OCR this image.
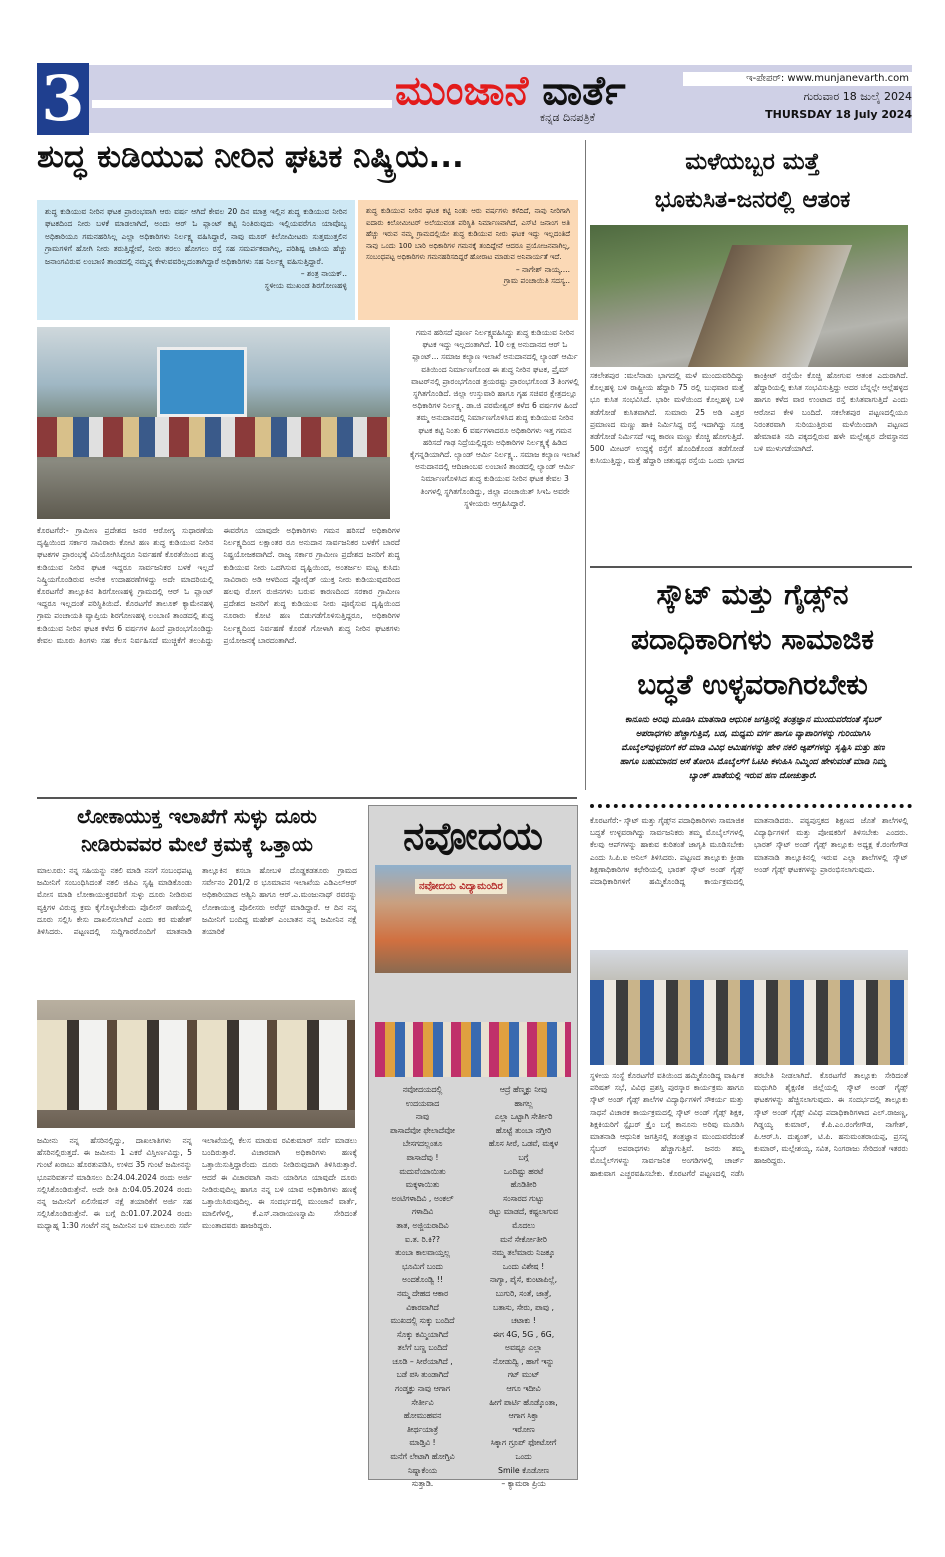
3	ಮುಂಜಾನೆ ವಾರ್ತೆ
ಕನ್ನಡ ದಿನಪತ್ರಿಕೆ
ಇ-ಪೇಪರ್: www.munjanevarth.com
ಗುರುವಾರ 18 ಜುಲೈ 2024
THURSDAY 18 July 2024
ಶುದ್ಧ ಕುಡಿಯುವ ನೀರಿನ ಘಟಕ ನಿಷ್ಕ್ರಿಯ...
ಶುದ್ಧ ಕುಡಿಯುವ ನೀರಿನ ಘಟಕ ಪ್ರಾರಂಭವಾಗಿ ಆರು ವರ್ಷ ಆಗಿದೆ ಕೇವಲ 20 ದಿನ ಮಾತ್ರ ಇಲ್ಲಿನ ಶುದ್ಧ ಕುಡಿಯುವ ನೀರಿನ ಘಟಕದಿಂದ ನೀರು ಬಳಕೆ ಮಾಡಲಾಗಿದೆ, ಅಂದು ಆರ್ ಓ ಪ್ಲಾಂಟ್ ಕಟ್ಟಿ ನಿಂತಿರುವುದು ಇಲ್ಲಿಯವರೆಗೂ ಯಾವೊಬ್ಬ ಅಧಿಕಾರಿಯೂ ಗಮನಹರಿಸಿಲ್ಲ ಎಲ್ಲಾ ಅಧಿಕಾರಿಗಳು ನಿರ್ಲಕ್ಷ್ಯ ವಹಿಸಿದ್ದಾರೆ, ನಾವು ಮೂರ್ ಕಿಲೋಮೀಟರು ಸುತ್ತಮುತ್ತಲಿನ ಗ್ರಾಮಗಳಿಗೆ ಹೋಗಿ ನೀರು ತರುತ್ತಿದ್ದೇವೆ, ನೀರು ತರಲು ಹೋಗಲು ರಸ್ತೆ ಸಹ ಸಮರ್ಪಕವಾಗಿಲ್ಲ, ಪರಿಶಿಷ್ಟ ಜಾತಿಯ ಹೆಚ್ಚು ಜನಾಂಗವಿರುವ ಲಂಬಾಣಿ ತಾಂಡದಲ್ಲಿ ನಮ್ಮನ್ನ ಕೇಳುವವರಿಲ್ಲದಂತಾಗಿದ್ದಾರೆ ಅಧಿಕಾರಿಗಳು ಸಹ ನಿರ್ಲಕ್ಷ್ಯ ವಹಿಸುತ್ತಿದ್ದಾರೆ.
– ಶಂತ್ರ ನಾಯಕ್..
ಸ್ಥಳೀಯ ಮುಖಂಡ ಶಿರಗೋಣಹಳ್ಳಿ
ಶುದ್ಧ ಕುಡಿಯುವ ನೀರಿನ ಘಟಕ ಕಟ್ಟಿ ನಿಂತು ಆರು ವರ್ಷಗಳು ಕಳೆದಿದೆ, ನಾವು ನೀರಿಗಾಗಿ ಐದಾರು ಕಿಲೋಮೀಟರ್ ಅಲೆಯುವಂತ ಪರಿಸ್ಥಿತಿ ನಿರ್ಮಾಣವಾಗಿದೆ, ಎಸ್‌ಟಿ ಜನಾಂಗ ಅತಿ ಹೆಚ್ಚು ಇರುವ ನಮ್ಮ ಗ್ರಾಮದಲ್ಲಿಯೇ ಶುದ್ಧ ಕುಡಿಯುವ ನೀರು ಘಟಕ ಇದ್ದು ಇಲ್ಲದಂತಿದೆ ನಾವು ಒಂದು 100 ಬಾರಿ ಅಧಿಕಾರಿಗಳ ಗಮನಕ್ಕೆ ತಂದಿದ್ದೇವೆ ಆದರೂ ಪ್ರಯೋಜನವಾಗಿಲ್ಲ, ಸಂಬಂಧಪಟ್ಟ ಅಧಿಕಾರಿಗಳು ಗಮನಹರಿಸದಿದ್ದರೆ ಹೋರಾಟ ಮಾಡುವ ಅನಿವಾರ್ಯತೆ ಇದೆ.
– ನಾಗೇಶ್ ನಾಯ್ಕ....
ಗ್ರಾಮ ಪಂಚಾಯಿತಿ ಸದಸ್ಯ..
ಕೊರಟಗೆರೆ:- ಗ್ರಾಮೀಣ ಪ್ರದೇಶದ ಜನರ ಆರೋಗ್ಯ ಸುಧಾರಣೆಯ ದೃಷ್ಟಿಯಿಂದ ಸರ್ಕಾರ ಸಾವಿರಾರು ಕೋಟಿ ಹಣ ಶುದ್ಧ ಕುಡಿಯುವ ನೀರಿನ ಘಟಕಗಳ ಪ್ರಾರಂಭಕ್ಕೆ ವಿನಿಯೋಗಿಸಿದ್ದರೂ ನಿರ್ವಹಣೆ ಕೊರತೆಯಿಂದ ಶುದ್ಧ ಕುಡಿಯುವ ನೀರಿನ ಘಟಕ ಇದ್ದರೂ ಸಾರ್ವಜನಿಕರ ಬಳಕೆ ಇಲ್ಲದೆ ನಿಷ್ಕ್ರಿಯಗೊಂಡಿರುವ ಅನೇಕ ಉದಾಹರಣೆಗಳಿದ್ದು ಅದೇ ಮಾದರಿಯಲ್ಲಿ ಕೊರಟಗೆರೆ ತಾಲ್ಲೂಕಿನ ಶಿರಗೋಣಹಳ್ಳಿ ಗ್ರಾಮದಲ್ಲಿ ಆರ್ ಓ ಪ್ಲಾಂಟ್ ಇದ್ದರೂ ಇಲ್ಲದಂತೆ ಪರಿಸ್ಥಿತಿಯಿದೆ. ಕೊರಟಗೆರೆ ತಾಲೂಕ್ ಕ್ಯಾಮೇನಹಳ್ಳಿ ಗ್ರಾಮ ಪಂಚಾಯತಿ ವ್ಯಾಪ್ತಿಯ ಶಿರಗೋಣಹಳ್ಳಿ ಲಂಬಾಣಿ ತಾಂಡದಲ್ಲಿ ಶುದ್ಧ ಕುಡಿಯುವ ನೀರಿನ ಘಟಕ ಕಳೆದ 6 ವರ್ಷಗಳ ಹಿಂದೆ ಪ್ರಾರಂಭಗೊಂಡಿದ್ದು ಕೇವಲ ಮೂರು ತಿಂಗಳು ಸಹ ಕೆಲಸ ನಿರ್ವಹಿಸದೆ ಮುಚ್ಚಿಕೆಗೆ ತಲುಪಿದ್ದು ಈವರೆಗೂ ಯಾವುದೇ ಅಧಿಕಾರಿಗಳು ಗಮನ ಹರಿಸದೆ ಅಧಿಕಾರಿಗಳ ನಿರ್ಲಕ್ಷ್ಯದಿಂದ ಲಕ್ಷಾಂತರ ರೂ ಅನುದಾನ ಸಾರ್ವಜನಿಕರ ಬಳಕೆಗೆ ಬಾರದೆ ನಿಷ್ಪ್ರಯೋಜಕವಾಗಿದೆ. ರಾಜ್ಯ ಸರ್ಕಾರ ಗ್ರಾಮೀಣ ಪ್ರದೇಶದ ಜನರಿಗೆ ಶುದ್ಧ ಕುಡಿಯುವ ನೀರು ಒದಗಿಸುವ ದೃಷ್ಟಿಯಿಂದ, ಅಂತರ್ಜಲ ಮಟ್ಟ ಕುಸಿದು ಸಾವಿರಾರು ಅಡಿ ಆಳದಿಂದ ಪ್ಲೋರೈಡ್ ಯುಕ್ತ ನೀರು ಕುಡಿಯುವುದರಿಂದ ಹಲವು ರೋಗ ರುಜಿನಗಳು ಬರುವ ಕಾರಣದಿಂದ ಸರಕಾರ ಗ್ರಾಮೀಣ ಪ್ರದೇಶದ ಜನರಿಗೆ ಶುದ್ಧ ಕುಡಿಯುವ ನೀರು ಪೂರೈಸುವ ದೃಷ್ಟಿಯಿಂದ ನೂರಾರು ಕೋಟಿ ಹಣ ಬಿಡುಗಡೆಗೊಳಿಸುತ್ತಿದ್ದರೂ, ಅಧಿಕಾರಿಗಳ ನಿರ್ಲಕ್ಷ್ಯದಿಂದ ನಿರ್ವಹಣೆ ಕೊರತೆ ಗೋಳಾಗಿ ಶುದ್ಧ ನೀರಿನ ಘಟಕಗಳು ಪ್ರಯೋಜನಕ್ಕೆ ಬಾರದಂತಾಗಿದೆ.
ಗಮನ ಹರಿಸದೆ ಪೂರ್ಣ ನಿರ್ಲಕ್ಷ್ಯವಹಿಸಿದ್ದು ಶುದ್ಧ ಕುಡಿಯುವ ನೀರಿನ ಘಟಕ ಇದ್ದು ಇಲ್ಲದಂತಾಗಿದೆ. 10 ಲಕ್ಷ ಅನುದಾನದ ಆರ್ ಓ ಪ್ಲಾಂಟ್... ಸಮಾಜ ಕಲ್ಯಾಣ ಇಲಾಖೆ ಅನುದಾನದಲ್ಲಿ ಲ್ಯಾಂಡ್ ಆರ್ಮಿ ವತಿಯಿಂದ ನಿರ್ಮಾಣಗೊಂಡ ಈ ಶುದ್ಧ ನೀರಿನ ಘಟಕ, ಪ್ರೈಮ್ ವಾಟರ್‌ನಲ್ಲಿ ಪ್ರಾರಂಭಗೊಂಡ ತ್ರಯರಷ್ಟು ಪ್ರಾರಂಭಗೊಂಡ 3 ತಿಂಗಳಲ್ಲಿ ಸ್ಥಗಿತಗೊಂಡಿದೆ. ಜಿಲ್ಲಾ ಉಸ್ತುವಾರಿ ಹಾಗೂ ಗೃಹ ಸಚಿವರ ಕ್ಷೇತ್ರದಲ್ಲೂ ಅಧಿಕಾರಿಗಳ ನಿರ್ಲಕ್ಷ್ಯ. ಡಾ.ಜಿ ಪರಮೇಶ್ವರ್ ಕಳೆದ 6 ವರ್ಷಗಳ ಹಿಂದೆ ತಮ್ಮ ಅನುದಾನದಲ್ಲಿ ನಿರ್ಮಾಣಗೊಳಿಸಿದ ಶುದ್ಧ ಕುಡಿಯುವ ನೀರಿನ ಘಟಕ ಕಟ್ಟಿ ನಿಂತು 6 ವರ್ಷಗಳಾದರೂ ಅಧಿಕಾರಿಗಳು ಇತ್ತ ಗಮನ ಹರಿಸದೆ ಗಾಢ ನಿದ್ರೆಯಲ್ಲಿದ್ದರು ಅಧಿಕಾರಿಗಳ ನಿರ್ಲಕ್ಷ್ಯಕ್ಕೆ ಹಿಡಿದ ಕೈಗನ್ನಡಿಯಾಗಿದೆ. ಲ್ಯಾಂಡ್ ಆರ್ಮಿ ನಿರ್ಲಕ್ಷ್ಯ.. ಸಮಾಜ ಕಲ್ಯಾಣ ಇಲಾಖೆ ಅನುದಾನದಲ್ಲಿ ಆದಿಜಾಂಬವ ಲಂಬಾಣಿ ತಾಂಡದಲ್ಲಿ ಲ್ಯಾಂಡ್ ಆರ್ಮಿ ನಿರ್ಮಾಣಗೊಳಿಸಿದ ಶುದ್ಧ ಕುಡಿಯುವ ನೀರಿನ ಘಟಕ ಕೇವಲ 3 ತಿಂಗಳಲ್ಲಿ ಸ್ಥಗಿತಗೊಂಡಿದ್ದು, ಜಿಲ್ಲಾ ಪಂಚಾಯಿತ್ ಸಿಇಓ ಅವರೇ ಸ್ಥಳೀಯರು ಆಗ್ರಹಿಸಿದ್ದಾರೆ.
ಮಳೆಯಬ್ಬರ ಮತ್ತೆ
ಭೂಕುಸಿತ-ಜನರಲ್ಲಿ ಆತಂಕ
ಸಕಲೇಶಪುರ :ಮಲೆನಾಡು ಭಾಗದಲ್ಲಿ ಮಳೆ ಮುಂದುವರಿದಿದ್ದು ಕೊಲ್ಲಹಳ್ಳಿ ಬಳಿ ರಾಷ್ಟ್ರೀಯ ಹೆದ್ದಾರಿ 75 ರಲ್ಲಿ ಬುಧವಾರ ಮತ್ತೆ ಭೂ ಕುಸಿತ ಸಂಭವಿಸಿದೆ. ಭಾರೀ ಮಳೆಯಿಂದ ಕೊಲ್ಲಹಳ್ಳಿ ಬಳಿ ತಡೆಗೋಡೆ ಕುಸಿತವಾಗಿದೆ. ಸುಮಾರು 25 ಅಡಿ ಎತ್ತರ ಪ್ರಮಾಣದ ಮಣ್ಣು ಹಾಕಿ ನಿರ್ಮಿಸಿದ್ದ ರಸ್ತೆ ಇದಾಗಿದ್ದು ಸೂಕ್ತ ತಡೆಗೋಡೆ ನಿರ್ಮಿಸದೆ ಇದ್ದ ಕಾರಣ ಮಣ್ಣು ಕೊಚ್ಚಿ ಹೋಗುತ್ತಿದೆ. 500 ಮೀಟರ್ ಉದ್ದಕ್ಕೆ ರಸ್ತೆಗೆ ಹೊಂದಿಕೊಂಡ ತಡೆಗೋಡೆ ಕುಸಿಯುತ್ತಿದ್ದು, ಮತ್ತೆ ಹೆದ್ದಾರಿ ಚತುಷ್ಪಥ ರಸ್ತೆಯ ಒಂದು ಭಾಗದ ಕಾಂಕ್ರೀಟ್ ರಸ್ತೆಯೇ ಕೊಚ್ಚಿ ಹೋಗುವ ಆತಂಕ ಎದುರಾಗಿದೆ. ಹೆದ್ದಾರಿಯಲ್ಲಿ ಕುಸಿತ ಸಂಭವಿಸುತ್ತಿದ್ದು ಅದರ ಬೆನ್ನಲ್ಲೇ ಆಲ್ಲೆಹಳ್ಳದ ಹಾಗೂ ಕಳೆದ ವಾರ ಉಂಟಾದ ರಸ್ತೆ ಕುಸಿತವಾಗುತ್ತಿದೆ ಎಂದು ಆರೋಪ ಕೇಳಿ ಬಂದಿದೆ. ಸಕಲೇಶಪುರ ಪಟ್ಟಣದಲ್ಲಿಯೂ ನಿರಂತರವಾಗಿ ಸುರಿಯುತ್ತಿರುವ ಮಳೆಯಿಂದಾಗಿ ಪಟ್ಟಣದ ಹೇಮಾವತಿ ನದಿ ಪಕ್ಕದಲ್ಲಿರುವ ಹಳೇ ಮಲ್ಲೇಶ್ವರ ದೇವಸ್ಥಾನದ ಬಳಿ ಮುಳುಗಡೆಯಾಗಿದೆ.
ಸ್ಕೌಟ್ ಮತ್ತು ಗೈಡ್ಸ್‌ನ
ಪದಾಧಿಕಾರಿಗಳು ಸಾಮಾಜಿಕ
ಬದ್ಧತೆ ಉಳ್ಳವರಾಗಿರಬೇಕು
ಕಾನೂನು ಅರಿವು ಮೂಡಿಸಿ ಮಾತನಾಡಿ ಆಧುನಿಕ ಜಗತ್ತಿನಲ್ಲಿ ತಂತ್ರಜ್ಞಾನ ಮುಂದುವರೆದಂತೆ ಸೈಬರ್ ಅಪರಾಧಗಳು ಹೆಚ್ಚಾಗುತ್ತಿವೆ, ಬಡ, ಮಧ್ಯಮ ವರ್ಗ ಹಾಗೂ ವ್ಯಾಪಾರಿಗಳನ್ನು ಗುರಿಯಾಗಿಸಿ ಮೊಬೈಲ್‌ವುಳ್ಳವರಿಗೆ ಕರೆ ಮಾಡಿ ವಿವಿಧ ಆಮಿಷಗಳನ್ನು ಹೇಳಿ ನಕಲಿ ಆ್ಯಪ್‌ಗಳನ್ನು ಸೃಷ್ಟಿಸಿ ಮತ್ತು ಹಣ ಹಾಗೂ ಬಹುಮಾನದ ಆಸೆ ತೋರಿಸಿ ಮೊಬೈಲ್‌ಗೆ ಓಟಿಪಿ ಕಳುಹಿಸಿ ನಿಮ್ಮಿಂದ ಹೇಳುವಂತೆ ಮಾಡಿ ನಿಮ್ಮ ಬ್ಯಾಂಕ್ ಖಾತೆಯಲ್ಲಿ ಇರುವ ಹಣ ದೋಚುತ್ತಾರೆ.
ಕೊರಟಗೆರೆ:- ಸ್ಕೌಟ್ ಮತ್ತು ಗೈಡ್ಸ್‌ನ ಪದಾಧಿಕಾರಿಗಳು ಸಾಮಾಜಿಕ ಬದ್ಧತೆ ಉಳ್ಳವರಾಗಿದ್ದು ಸಾರ್ವಜನಿಕರು ತಮ್ಮ ಮೊಬೈಲ್‌ಗಳಲ್ಲಿ ಕೆಲವು ಆಪ್‌ಗಳನ್ನು ಹಾಕುವ ಕುರಿತಂತೆ ಜಾಗೃತಿ ಮೂಡಿಸಬೇಕು ಎಂದು ಸಿ.ಪಿ.ಐ ಅನಿಲ್ ತಿಳಿಸಿದರು. ಪಟ್ಟಣದ ತಾಲ್ಲೂಕು ಕ್ರೀಡಾ ಶಿಕ್ಷಣಾಧಿಕಾರಿಗಳ ಕಛೇರಿಯಲ್ಲಿ ಭಾರತ್ ಸ್ಕೌಟ್ ಅಂಡ್ ಗೈಡ್ಸ್ ಪದಾಧಿಕಾರಿಗಳಿಗೆ ಹಮ್ಮಿಕೊಂಡಿದ್ದ ಕಾರ್ಯಕ್ರಮದಲ್ಲಿ ಮಾತನಾಡಿದರು. ಪಠ್ಯಪುಸ್ತಕದ ಶಿಕ್ಷಣದ ಜೊತೆ ಶಾಲೆಗಳಲ್ಲಿ ವಿದ್ಯಾರ್ಥಿಗಳಿಗೆ ಮತ್ತು ಪೋಷಕರಿಗೆ ತಿಳಿಸಬೇಕು ಎಂದರು. ಭಾರತ್ ಸ್ಕೌಟ್ ಅಂಡ್ ಗೈಡ್ಸ್ ತಾಲ್ಲೂಕು ಅಧ್ಯಕ್ಷ ಕೆ.ರಂಗೇಗೌಡ ಮಾತನಾಡಿ ತಾಲ್ಲೂಕಿನಲ್ಲಿ ಇರುವ ಎಲ್ಲಾ ಶಾಲೆಗಳಲ್ಲಿ ಸ್ಕೌಟ್ ಅಂಡ್ ಗೈಡ್ಸ್ ಘಟಕಗಳನ್ನು ಪ್ರಾರಂಭಿಸಲಾಗುವುದು.
ಸ್ಥಳೀಯ ಸಂಸ್ಥೆ ಕೊರಟಗೆರೆ ವತಿಯಿಂದ ಹಮ್ಮಿಕೊಂಡಿದ್ದ ವಾರ್ಷಿಕ ಪರಿಷತ್ ಸಭೆ, ವಿವಿಧ ಪ್ರಶಸ್ತಿ ಪುರಸ್ಕಾರ ಕಾರ್ಯಕ್ರಮ ಹಾಗೂ ಸ್ಕೌಟ್ ಅಂಡ್ ಗೈಡ್ಸ್ ಶಾಲೆಗಳ ವಿದ್ಯಾರ್ಥಿಗಳಿಗೆ ಸೌಕರ್ಯ ಮತ್ತು ಸಾಧನೆ ವಿಚಾರಕ ಕಾರ್ಯಕ್ರಮದಲ್ಲಿ ಸ್ಕೌಟ್ ಅಂಡ್ ಗೈಡ್ಸ್ ಶಿಕ್ಷಕ, ಶಿಕ್ಷಕಿಯರಿಗೆ ಸ್ಪೈಬರ್ ಕ್ರೈಂ ಬಗ್ಗೆ ಕಾನೂನು ಅರಿವು ಮೂಡಿಸಿ ಮಾತನಾಡಿ ಆಧುನಿಕ ಜಗತ್ತಿನಲ್ಲಿ ತಂತ್ರಜ್ಞಾನ ಮುಂದುವರೆದಂತೆ ಸೈಬರ್ ಅಪರಾಧಗಳು ಹೆಚ್ಚಾಗುತ್ತಿವೆ. ಜನರು ತಮ್ಮ ಮೊಬೈಲ್‌ಗಳನ್ನು ಸಾರ್ವಜನಿಕ ಅಂಗಡಿಗಳಲ್ಲಿ ಚಾರ್ಜ್ ಹಾಕುವಾಗ ಎಚ್ಚರವಹಿಸಬೇಕು. ಕೊರಟಗೆರೆ ಪಟ್ಟಣದಲ್ಲಿ ನಡೆಸಿ ತರಬೇತಿ ನೀಡಲಾಗಿದೆ. ಕೊರಟಗೆರೆ ತಾಲ್ಲೂಕು ಸೇರಿದಂತೆ ಮಧುಗಿರಿ ಶೈಕ್ಷಣಿಕ ಜಿಲ್ಲೆಯಲ್ಲಿ ಸ್ಕೌಟ್ ಅಂಡ್ ಗೈಡ್ಸ್ ಘಟಕಗಳನ್ನು ಹೆಚ್ಚಿಸಲಾಗುವುದು. ಈ ಸಂದರ್ಭದಲ್ಲಿ ತಾಲ್ಲೂಕು ಸ್ಕೌಟ್ ಅಂಡ್ ಗೈಡ್ಸ್ ವಿವಿಧ ಪದಾಧಿಕಾರಿಗಳಾದ ಎಲ್.ರಾಜಣ್ಣ, ಗಿಡ್ಡಯ್ಯ ಕುಮಾರ್, ಕೆ.ಪಿ.ಎಂ.ರಂಗೇಗೌಡ, ನಾಗೇಶ್, ಪಿ.ಆರ್.ಸಿ. ದುಶ್ಯಂತ್, ಟಿ.ಪಿ. ಹನುಮಂತರಾಯಪ್ಪ, ಪ್ರಸನ್ನ ಕುಮಾರ್, ಮಲ್ಲೇಶಯ್ಯ, ಸವಿತ, ನಿಂಗರಾಜು ಸೇರಿದಂತೆ ಇತರರು ಹಾಜರಿದ್ದರು.
ಲೋಕಾಯುಕ್ತ ಇಲಾಖೆಗೆ ಸುಳ್ಳು ದೂರು
ನೀಡಿರುವವರ ಮೇಲೆ ಕ್ರಮಕ್ಕೆ ಒತ್ತಾಯ
ಮಾಲೂರು: ನನ್ನ ಸಹಿಯನ್ನು ನಕಲಿ ಮಾಡಿ ನನಗೆ ಸಂಬಂಧಪಟ್ಟ ಜಮೀನಿಗೆ ಸಂಬಂಧಿಸಿದಂತೆ ನಕಲಿ ಜಿಪಿಎ ಸೃಷ್ಟಿ ಮಾಡಿಕೊಂಡು ಮೋಸ ಮಾಡಿ ಲೋಕಾಯುಕ್ತರವರಿಗೆ ಸುಳ್ಳು ದೂರು ನೀಡಿರುವ ವ್ಯಕ್ತಿಗಳ ವಿರುದ್ಧ ಕ್ರಮ ಕೈಗೊಳ್ಳಬೇಕೆಂದು ಪೊಲೀಸ್ ಠಾಣೆಯಲ್ಲಿ ದೂರು ಸಲ್ಲಿಸಿ ಕೇಸು ದಾಖಲಿಸಲಾಗಿದೆ ಎಂದು ಕರ ಮಹೇಶ್ ತಿಳಿಸಿದರು. ಪಟ್ಟಣದಲ್ಲಿ ಸುದ್ದಿಗಾರರೊಂದಿಗೆ ಮಾತನಾಡಿ ತಾಲ್ಲೂಕಿನ ಕಸಬಾ ಹೋಬಳಿ ದೊಡ್ಡಕಡತೂರು ಗ್ರಾಮದ ಸರ್ವೇನಂ 201/2 ರ ಭೂಮಾಪನ ಇಲಾಖೆಯ ಎಡಿಎಲ್‌ಆರ್ ಅಧಿಕಾರಿಯಾದ ಅಶ್ವಿನಿ ಹಾಗೂ ಆರ್.ಎ.ಮಂಜುನಾಥ್ ರವರನ್ನು ಲೋಕಾಯುಕ್ತ ಪೊಲೀಸರು ಅರೆಸ್ಟ್ ಮಾಡಿದ್ದಾರೆ. ಆ ದಿನ ನನ್ನ ಜಮೀನಿಗೆ ಬಂದಿದ್ದ ಮಹೇಶ್ ಎಂಬಾತನ ನನ್ನ ಜಮೀನಿನ ನಕ್ಷೆ ತಯಾರಿಕೆ
ಜಮೀನು ನನ್ನ ಹೆಸರಿನಲ್ಲಿದ್ದು, ದಾಖಲಾತಿಗಳು ನನ್ನ ಹೆಸರಿನಲ್ಲಿರುತ್ತದೆ. ಈ ಜಮೀನು 1 ಎಕರೆ ವಿಸ್ತೀರ್ಣವಿದ್ದು, 5 ಗುಂಟೆ ಖರಾಬು ಹೊರತುಪಡಿಸಿ, ಉಳಿದ 35 ಗುಂಟೆ ಜಮೀನನ್ನು ಭೂಪರಿವರ್ತನೆ ಮಾಡಿಸಲು ದಿ:24.04.2024 ರಂದು ಅರ್ಜಿ ಸಲ್ಲಿಸಿಕೊಂಡಿರುತ್ತೇನೆ. ಅದೇ ರೀತಿ ದಿ:04.05.2024 ರಂದು ನನ್ನ ಜಮೀನಿಗೆ ಏಲಿಸೇಷನ್ ನಕ್ಷೆ ತಯಾರಿಕೆಗೆ ಅರ್ಜಿ ಸಹ ಸಲ್ಲಿಸಿಕೊಂಡಿರುತ್ತೇನೆ. ಈ ಬಗ್ಗೆ ದಿ:01.07.2024 ರಂದು ಮಧ್ಯಾಹ್ನ 1:30 ಗಂಟೆಗೆ ನನ್ನ ಜಮೀನಿನ ಬಳಿ ಮಾಲೂರು ಸರ್ವೆ ಇಲಾಖೆಯಲ್ಲಿ ಕೆಲಸ ಮಾಡುವ ರವಿಕುಮಾರ್ ಸರ್ವೆ ಮಾಡಲು ಬಂದಿರುತ್ತಾರೆ. ವಿಚಾರವಾಗಿ ಅಧಿಕಾರಿಗಳು ಹಣಕ್ಕೆ ಒತ್ತಾಯಿಸುತ್ತಿದ್ದಾರೆಂದು ದೂರು ನೀಡಿರುವುದಾಗಿ ತಿಳಿಸಿರುತ್ತಾರೆ. ಆದರೆ ಈ ವಿಚಾರವಾಗಿ ನಾನು ಯಾರಿಗೂ ಯಾವುದೇ ದೂರು ನೀಡಿರುವುದಿಲ್ಲ ಹಾಗೂ ನನ್ನ ಬಳಿ ಯಾವ ಅಧಿಕಾರಿಗಳು ಹಣಕ್ಕೆ ಒತ್ತಾಯಿಸಿರುವುದಿಲ್ಲ. ಈ ಸಂದರ್ಭದಲ್ಲಿ ಮುಂಜಾನೆ ವಾರ್ತೆ, ಮಾಲಿಗೆಳಲ್ಲಿ, ಕೆ.ಎಸ್.ನಾರಾಯಣಸ್ವಾಮಿ ಸೇರಿದಂತೆ ಮುಂತಾದವರು ಹಾಜರಿದ್ದರು.
ನವೋದಯ
ನವೋದಯ ವಿದ್ಯಾಮಂದಿರ
ನವೋದಯದಲ್ಲಿ
ಉದಯವಾದ
ನಾವು
ಪಾಸಾದೆವೋ ಫೇಲಾದೆವೋ
ಬೇಸಗದಲ್ಲಂತೂ
ಪಾಸಾದೆವು !
ಮದುವೆಯಾಯಿತು
ಮಕ್ಕಳಾಯಿತು
ಅಂಟಿಗಳಾದಿವಿ , ಅಂಕಲ್
ಗಳಾದಿವಿ
ತಾತ, ಅಜ್ಜಿಯರಾದಿವಿ
ಐ.ತ. ರಿ.ಕಿ??
ತುಂಬಾ ಕಾಲವಾಯ್ತಲ್ಲ
ಭೂಮಿಗೆ ಬಂದು
ಅಂದಕೊಂಡ್ವಿ !!
ನಮ್ಮ ದೇಹದ ಆಕಾರ
ವಿಕಾರವಾಗಿದೆ
ಮುಖದಲ್ಲಿ ಸುಕ್ಕು ಬಂದಿದೆ
ಸೊಕ್ಕು ಕಮ್ಮಿಯಾಗಿದೆ
ತಲೆಗೆ ಬಣ್ಣ ಬಂದಿದೆ
ಚೂಡಿ – ಸೀರೆಯಾಗಿದೆ ,
ಬಡೆ ಪಸಿ ತುಂಡಾಗಿದೆ
ಗಂಡ್ಮಕ್ಳು ನಾವು ಆಗಾಗ
ಸೇರ್ತೀವಿ
ಹೋಮುಹವನ
ತೀರ್ಥಯಾತ್ರೆ
ಮಾಡ್ತಿವಿ !
ಮನೆಗೆ ಲೇಟಾಗಿ ಹೋಗ್ತಿವಿ
ನಿಷ್ನಾಕೆಂಯ
ಸುತ್ತಾಡಿ.
ಆದ್ರೆ ಹೆಣ್ಮಕ್ಳು ನೀವು
ಹಾಗಲ್ಲ
ಎಲ್ಲಾ ಒಟ್ಟಾಗಿ ಸೇರ್ತೀರಿ
ಹೊಟ್ಟೆ ತುಂಬಾ ನಗ್ತೀರಿ
ಹೊಸ ಸೀರೆ, ಒಡವೆ, ಮಕ್ಕಳ
ಬಗ್ಗೆ
ಒಂದಿಷ್ಟು ಹರಟೆ
ಹೊಡಿತೀರಿ
ಸಂಸಾರದ ಗುಟ್ಟು
ರಟ್ಟು ಮಾಡದೆ, ಕಷ್ಟಲಾಗುವ
ಮೊದಲು
ಮನೆ ಸೇರ್ಕೋತೀರಿ
ನಮ್ಮ ತಲೆಮಾರು ನಿಜಕ್ಕೂ
ಒಂದು ವಿಶೇಷ !
ನಾಗ್ಯಾ, ಪೈಸೆ, ಕುಂಟಾಪಿಲ್ಲೆ,
ಬುಗುರಿ, ಸಂತೆ, ಜಾತ್ರೆ,
ಬತಾಸು, ಸೇರು, ಪಾವು ,
ಚಟಾಕು !
ಈಗ 4G, 5G , 6G,
ಅವಷ್ಟೂ ಎಲ್ಲಾ
ನೋಡುದ್ವಿ , ಹಾಗೆ ಇನ್ನು
ಗಟ್ ಮುಟ್
ಆಗೂ ಇದೀವಿ
ಹೀಗೆ ಪಾರ್ಟಿ ಹೊಡ್ಕೊಂತಾ,
ಆಗಾಗ ಸಿಕ್ತಾ
ಇರೋಣ
ಸಿಕ್ಕಾಗ ಗ್ರೂಪ್ ಫೋಟೋಗೆ
ಒಂದು
Smile ಕೊಡೋಣ
– ಕ್ಯಾಮರಾ ಪ್ರಿಯ
